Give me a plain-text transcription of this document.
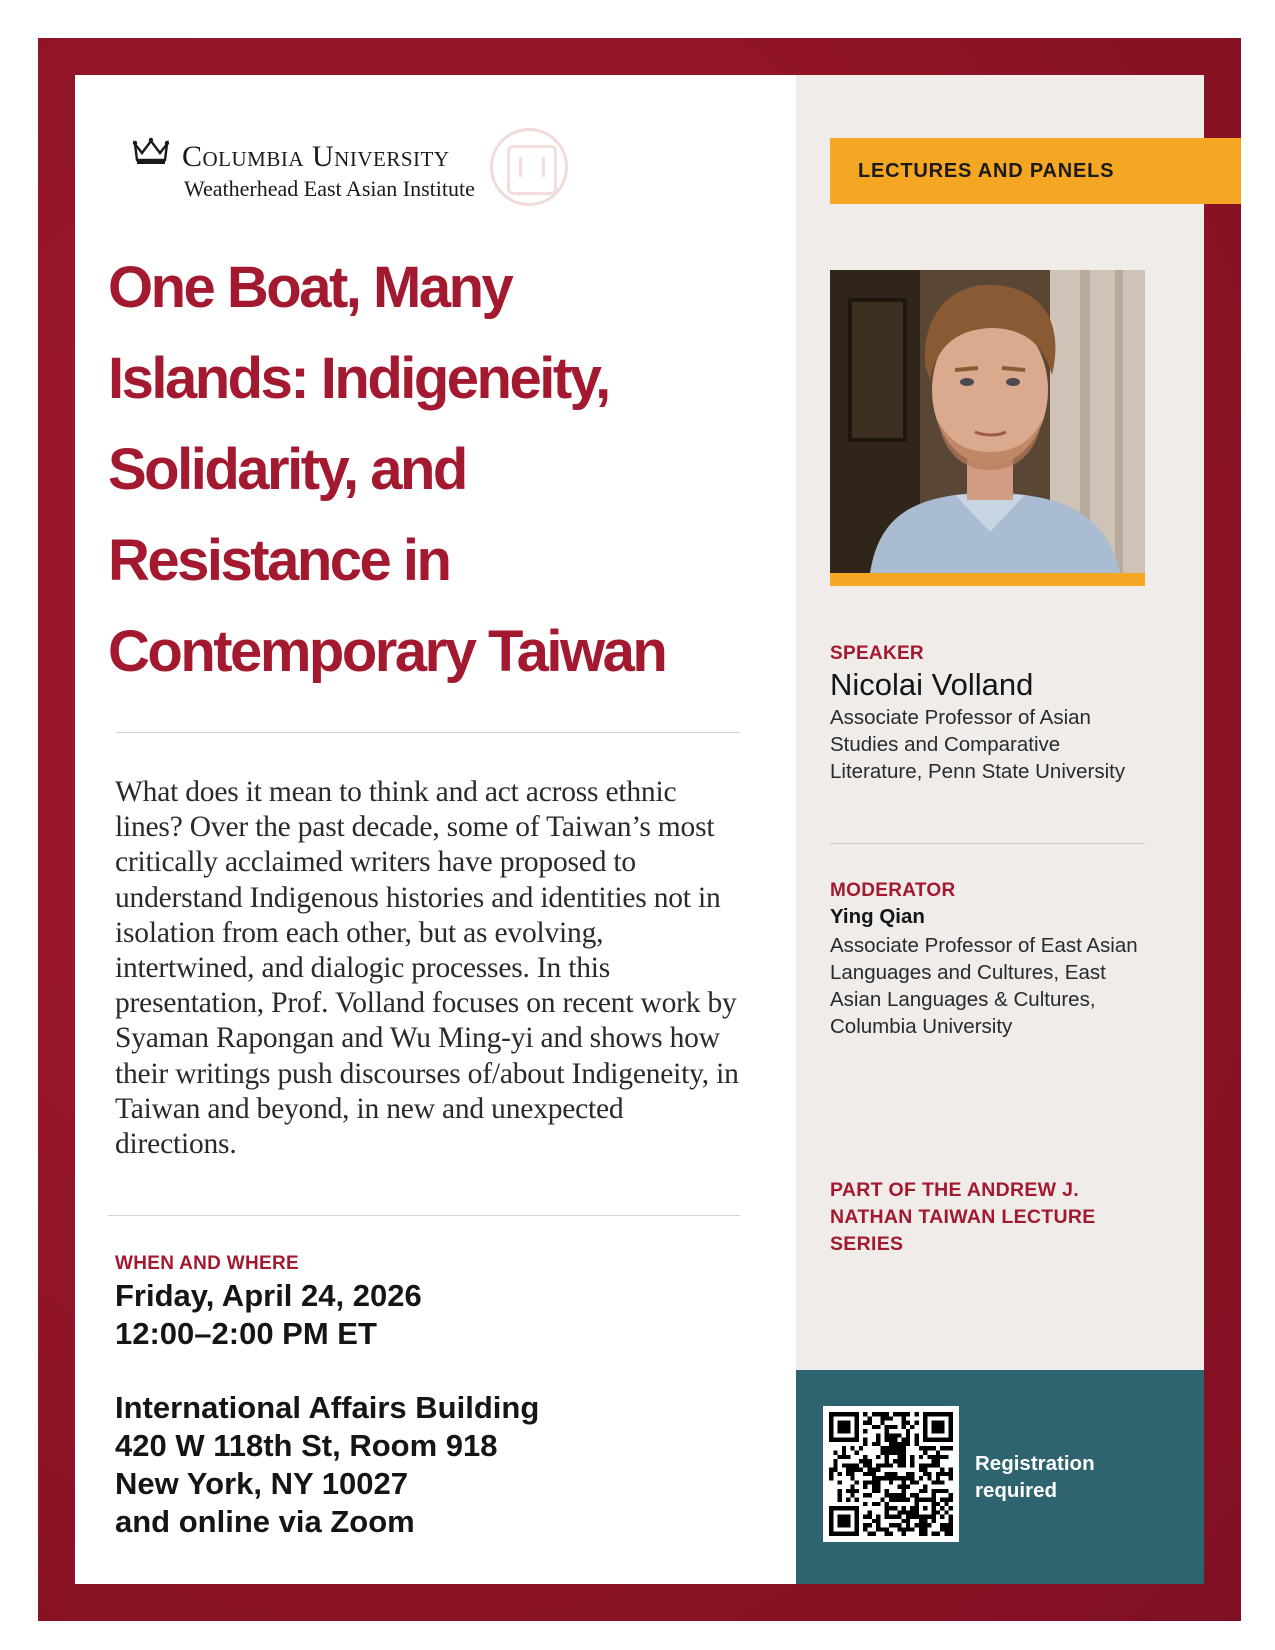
Columbia University
Weatherhead East Asian Institute
One Boat, Many
Islands: Indigeneity,
Solidarity, and
Resistance in
Contemporary Taiwan

What does it mean to think and act across ethnic lines? Over the past decade, some of Taiwan’s most critically acclaimed writers have proposed to understand Indigenous histories and identities not in isolation from each other, but as evolving, intertwined, and dialogic processes. In this presentation, Prof. Volland focuses on recent work by Syaman Rapongan and Wu Ming-yi and shows how their writings push discourses of/about Indigeneity, in Taiwan and beyond, in new and unexpected directions.

WHEN AND WHERE
Friday, April 24, 2026
12:00–2:00 PM ET
International Affairs Building
420 W 118th St, Room 918
New York, NY 10027
and online via Zoom
LECTURES AND PANELS
SPEAKER
Nicolai Volland
Associate Professor of Asian Studies and Comparative Literature, Penn State University
MODERATOR
Ying Qian
Associate Professor of East Asian Languages and Cultures, East Asian Languages & Cultures, Columbia University
PART OF THE ANDREW J. NATHAN TAIWAN LECTURE SERIES
Registration required
